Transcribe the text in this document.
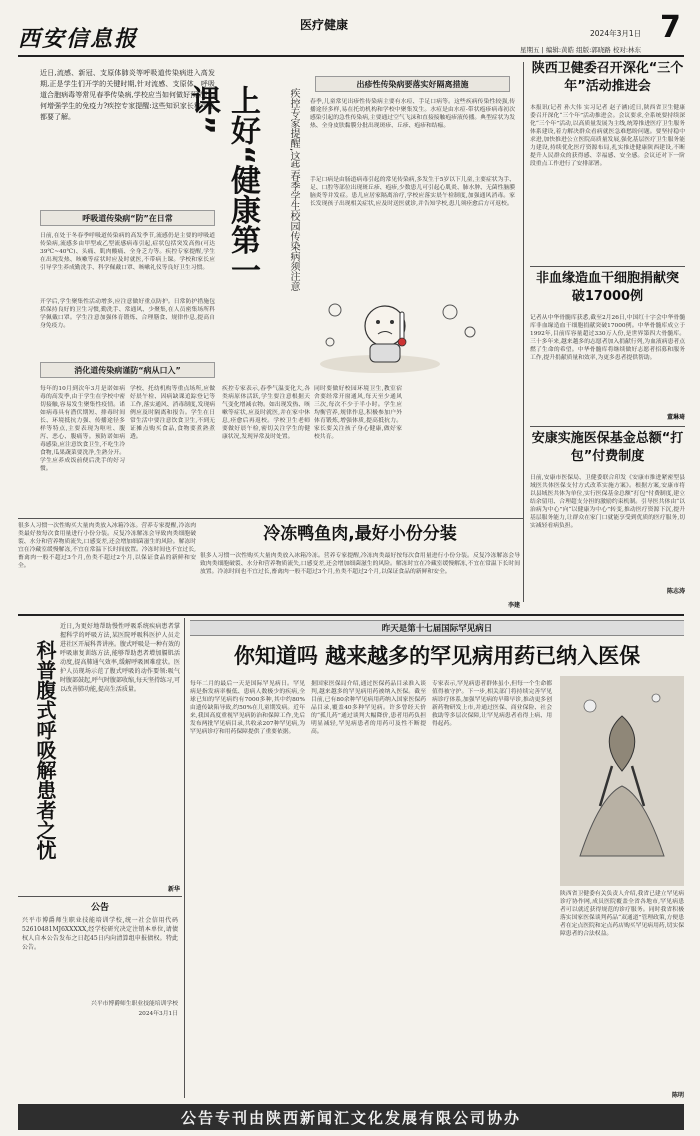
西安信息报
医疗健康
2024年3月1日 7
星期五 | 编辑:黄皓 组版:郭晓路 校对:林东
近日,流感、新冠、支原体肺炎等呼吸道传染病进入高发期,正是学生们开学的关键时期,针对流感、支原体、呼吸道合胞病毒等常见春季传染病,学校应当如何做好预防?如何增强学生的免疫力?疾控专家提醒:这些知识家长和学生都要了解。
呼吸道传染病“防”在日常
日前,在处于冬春季呼吸道传染病的高发季节,流感仍是主要的呼吸道传染病,流感多由甲型或乙型流感病毒引起,症状包括突发高热(可达39℃~40℃)、头痛、肌肉酸痛、全身乏力等。疾控专家提醒,学生在出现发热、咳嗽等症状时应及时就医,不带病上课。学校和家长应引导学生养成勤洗手、科学佩戴口罩、咳嗽礼仪等良好卫生习惯。
开学后,学生聚集性活动增多,应注意做好重点防护。日常防护措施包括保持良好的卫生习惯,勤洗手、常通风、少聚集,在人员密集场所科学佩戴口罩。学生注意加强体育锻炼、合理膳食、规律作息,提高自身免疫力。
消化道传染病谨防“病从口入”
每年的10月到次年3月是诺如病毒的高发季,由于学生在学校中密切接触,容易发生聚集性疫情。诺如病毒具有潜伏期短、排毒时间长、环境抵抗力强、传播途径多样等特点,主要表现为呕吐、腹泻、恶心、腹痛等。预防诺如病毒感染,应注意饮食卫生,不吃生冷食物,瓜果蔬菜要洗净,生熟分开。学生应养成饭前便后洗手的好习惯。
学校、托幼机构等重点场所,应做好晨午检、因病缺课追踪登记等工作,落实通风、消毒制度,发现病例应及时隔离和报告。学生在日常生活中要注意饮食卫生,不到无证摊点购买食品,食物要煮熟煮透。
上好“健康第一课”	疾控专家提醒,这些春季学生校园传染病须注意
疾控专家表示,春季气温变化大,各类病原体活跃,学生要注意根据天气变化增减衣物。如出现发热、咳嗽等症状,应及时就医,并在家中休息,痊愈后再返校。学校卫生老师要做好晨午检,密切关注学生的健康状况,发现异常及时处置。
同时要做好校园环境卫生,教室宿舍要经常开窗通风,每天至少通风三次,每次不少于半小时。学生应均衡营养,规律作息,积极参加户外体育锻炼,增强体质,提高抵抗力。家长要关注孩子身心健康,做好家校共育。
出疹性传染病要落实好隔离措施
春季,儿童常见出疹性传染病主要有水痘、手足口病等。这些疾病传染性较强,传播途径多样,易在托幼机构和学校中聚集发生。水痘是由水痘-带状疱疹病毒初次感染引起的急性传染病,主要通过空气飞沫和直接接触疱疹液传播。典型症状为发热、全身皮肤黏膜分批出现斑疹、丘疹、疱疹和结痂。
手足口病是由肠道病毒引起的常见传染病,多发生于5岁以下儿童,主要症状为手、足、口腔等部位出现斑丘疹、疱疹,少数患儿可引起心肌炎、肺水肿、无菌性脑膜脑炎等并发症。患儿应居家隔离治疗,学校应落实晨午检制度,加强通风消毒。家长发现孩子出现相关症状,应及时送医就诊,并告知学校,患儿须痊愈后方可返校。
陕西卫健委召开深化“三个年”活动推进会
本报讯(记者 孙大伟 实习记者 赵子涵)近日,陕西省卫生健康委召开深化“三个年”活动推进会。会议要求,全系统要持续深化“三个年”活动,以高质量发展为主线,统筹推进医疗卫生服务体系建设,着力解决群众看病就医急难愁盼问题。要坚持稳中求进,加快推进公立医院高质量发展,强化基层医疗卫生服务能力建设,持续优化医疗资源布局,扎实推进健康陕西建设,不断提升人民群众的获得感、幸福感、安全感。会议还对下一阶段重点工作进行了安排部署。
非血缘造血干细胞捐献突破17000例
记者从中华骨髓库获悉,截至2月26日,中国红十字会中华骨髓库非血缘造血干细胞捐献突破17000例。中华骨髓库成立于1992年,目前库容量超过330万人份,是世界第四大骨髓库。三十多年来,越来越多的志愿者加入捐献行列,为血液病患者点燃了生命的希望。中华骨髓库将继续做好志愿者招募和服务工作,提升捐献质量和效率,为更多患者提供帮助。
董琳琦
安康实施医保基金总额“打包”付费制度
日前,安康市医保局、卫健委联合印发《安康市推进紧密型县域医共体医保支付方式改革实施方案》。根据方案,安康市将以县域医共体为单位,实行医保基金总额“打包”付费制度,建立结余留用、合理超支分担的激励约束机制。引导医共体由“以治病为中心”向“以健康为中心”转变,推动医疗资源下沉,提升基层服务能力,让群众在家门口就能享受到优质的医疗服务,切实减轻看病负担。
陈志涛
很多人习惯一次性购买大量肉类放入冰箱冷冻。营养专家提醒,冷冻肉类最好按每次食用量进行小份分装。反复冷冻解冻会导致肉类细胞破裂、水分和营养物质流失,口感变差,还会增加细菌滋生的风险。解冻时宜在冷藏室缓慢解冻,不宜在常温下长时间放置。冷冻时间也不宜过长,畜禽肉一般不超过3个月,鱼类不超过2个月,以保证食品的新鲜和安全。
冷冻鸭鱼肉,最好小份分装
很多人习惯一次性购买大量肉类放入冰箱冷冻。营养专家提醒,冷冻肉类最好按每次食用量进行小份分装。反复冷冻解冻会导致肉类细胞破裂、水分和营养物质流失,口感变差,还会增加细菌滋生的风险。解冻时宜在冷藏室缓慢解冻,不宜在常温下长时间放置。冷冻时间也不宜过长,畜禽肉一般不超过3个月,鱼类不超过2个月,以保证食品的新鲜和安全。
李建
科普腹式呼吸解患者之忧
近日,为更好地帮助慢性呼吸系统疾病患者掌握科学的呼吸方法,某医院呼吸科医护人员走进社区开展科普讲座。腹式呼吸是一种有效的呼吸康复训练方法,能够帮助患者增加膈肌活动度,提高肺通气效率,缓解呼吸困难症状。医护人员现场示范了腹式呼吸的动作要领:吸气时腹部鼓起,呼气时腹部收缩,每天坚持练习,可以改善肺功能,提高生活质量。
新华
公告
兴平市博爵师生职业技能培训学校,统一社会信用代码52610481MJ6XXXXX,经学校研究决定注销本单位,请债权人自本公告发布之日起45日内向清算组申报债权。特此公告。
兴平市博爵师生职业技能培训学校
2024年3月1日
昨天是第十七届国际罕见病日
你知道吗 越来越多的罕见病用药已纳入医保
每年二月的最后一天是国际罕见病日。罕见病是指发病率极低、患病人数极少的疾病,全球已知的罕见病约有7000多种,其中约80%由遗传缺陷导致,约50%在儿童期发病。近年来,我国高度重视罕见病防治和保障工作,先后发布两批罕见病目录,共收录207种罕见病,为罕见病诊疗和用药保障提供了重要依据。
据国家医保局介绍,通过医保药品目录准入谈判,越来越多的罕见病用药被纳入医保。截至目前,已有80余种罕见病用药纳入国家医保药品目录,覆盖40多种罕见病。许多曾经天价的“孤儿药”通过谈判大幅降价,患者用药负担明显减轻,罕见病患者的用药可及性不断提高。
专家表示,罕见病患者群体虽小,但每一个生命都值得被守护。下一步,相关部门将持续完善罕见病诊疗体系,加强罕见病的早筛早诊,推动更多创新药物研发上市,并通过医保、商业保险、社会救助等多层次保障,让罕见病患者看得上病、用得起药。
陕西省卫健委有关负责人介绍,我省已建立罕见病诊疗协作网,成员医院覆盖全省各地市,罕见病患者可以就近获得规范的诊疗服务。同时我省积极落实国家医保谈判药品“双通道”管理政策,方便患者在定点医院和定点药店购买罕见病用药,切实保障患者的合法权益。
陈明
公告专刊由陕西新闻汇文化发展有限公司协办
